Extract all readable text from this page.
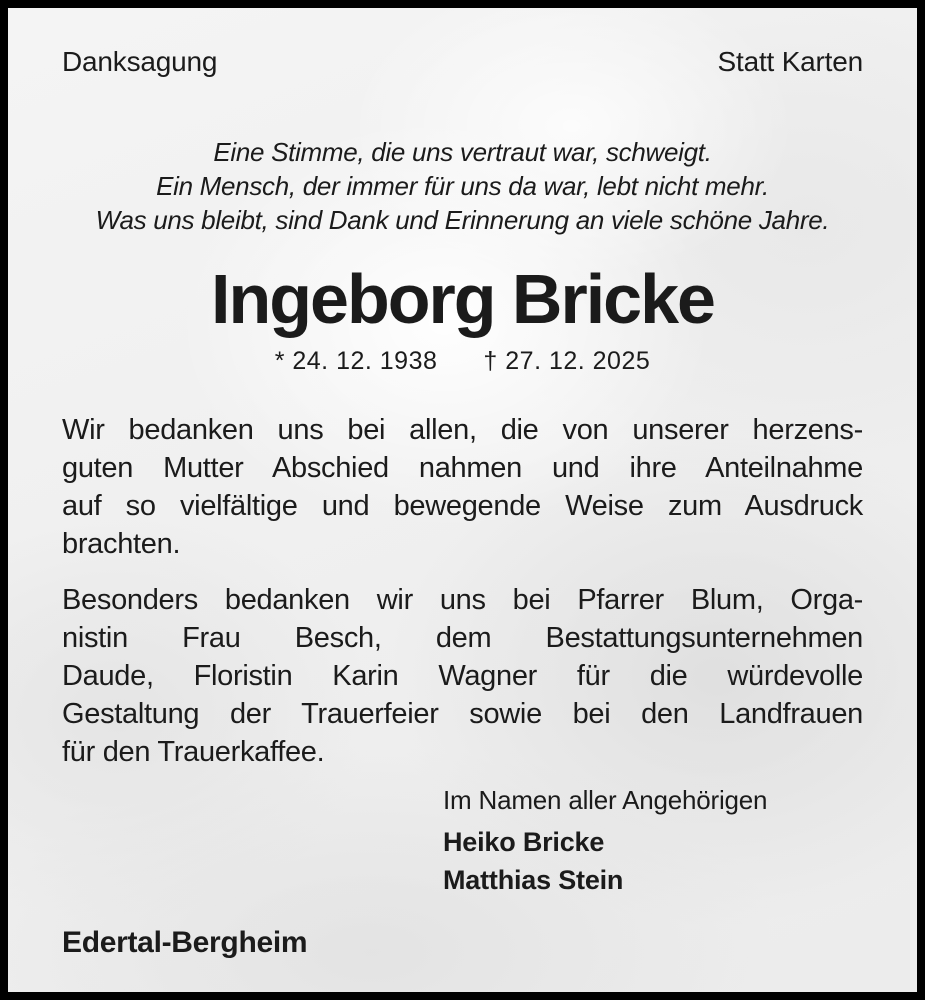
Danksagung	Statt Karten
Eine Stimme, die uns vertraut war, schweigt.
Ein Mensch, der immer für uns da war, lebt nicht mehr.
Was uns bleibt, sind Dank und Erinnerung an viele schöne Jahre.
Ingeborg Bricke
* 24. 12. 1938 † 27. 12. 2025
Wir bedanken uns bei allen, die von unserer herzens-
guten Mutter Abschied nahmen und ihre Anteilnahme
auf so vielfältige und bewegende Weise zum Ausdruck
brachten.
Besonders bedanken wir uns bei Pfarrer Blum, Orga-
nistin Frau Besch, dem Bestattungsunternehmen
Daude, Floristin Karin Wagner für die würdevolle
Gestaltung der Trauerfeier sowie bei den Landfrauen
für den Trauerkaffee.
Im Namen aller Angehörigen
Heiko Bricke
Matthias Stein
Edertal-Bergheim
